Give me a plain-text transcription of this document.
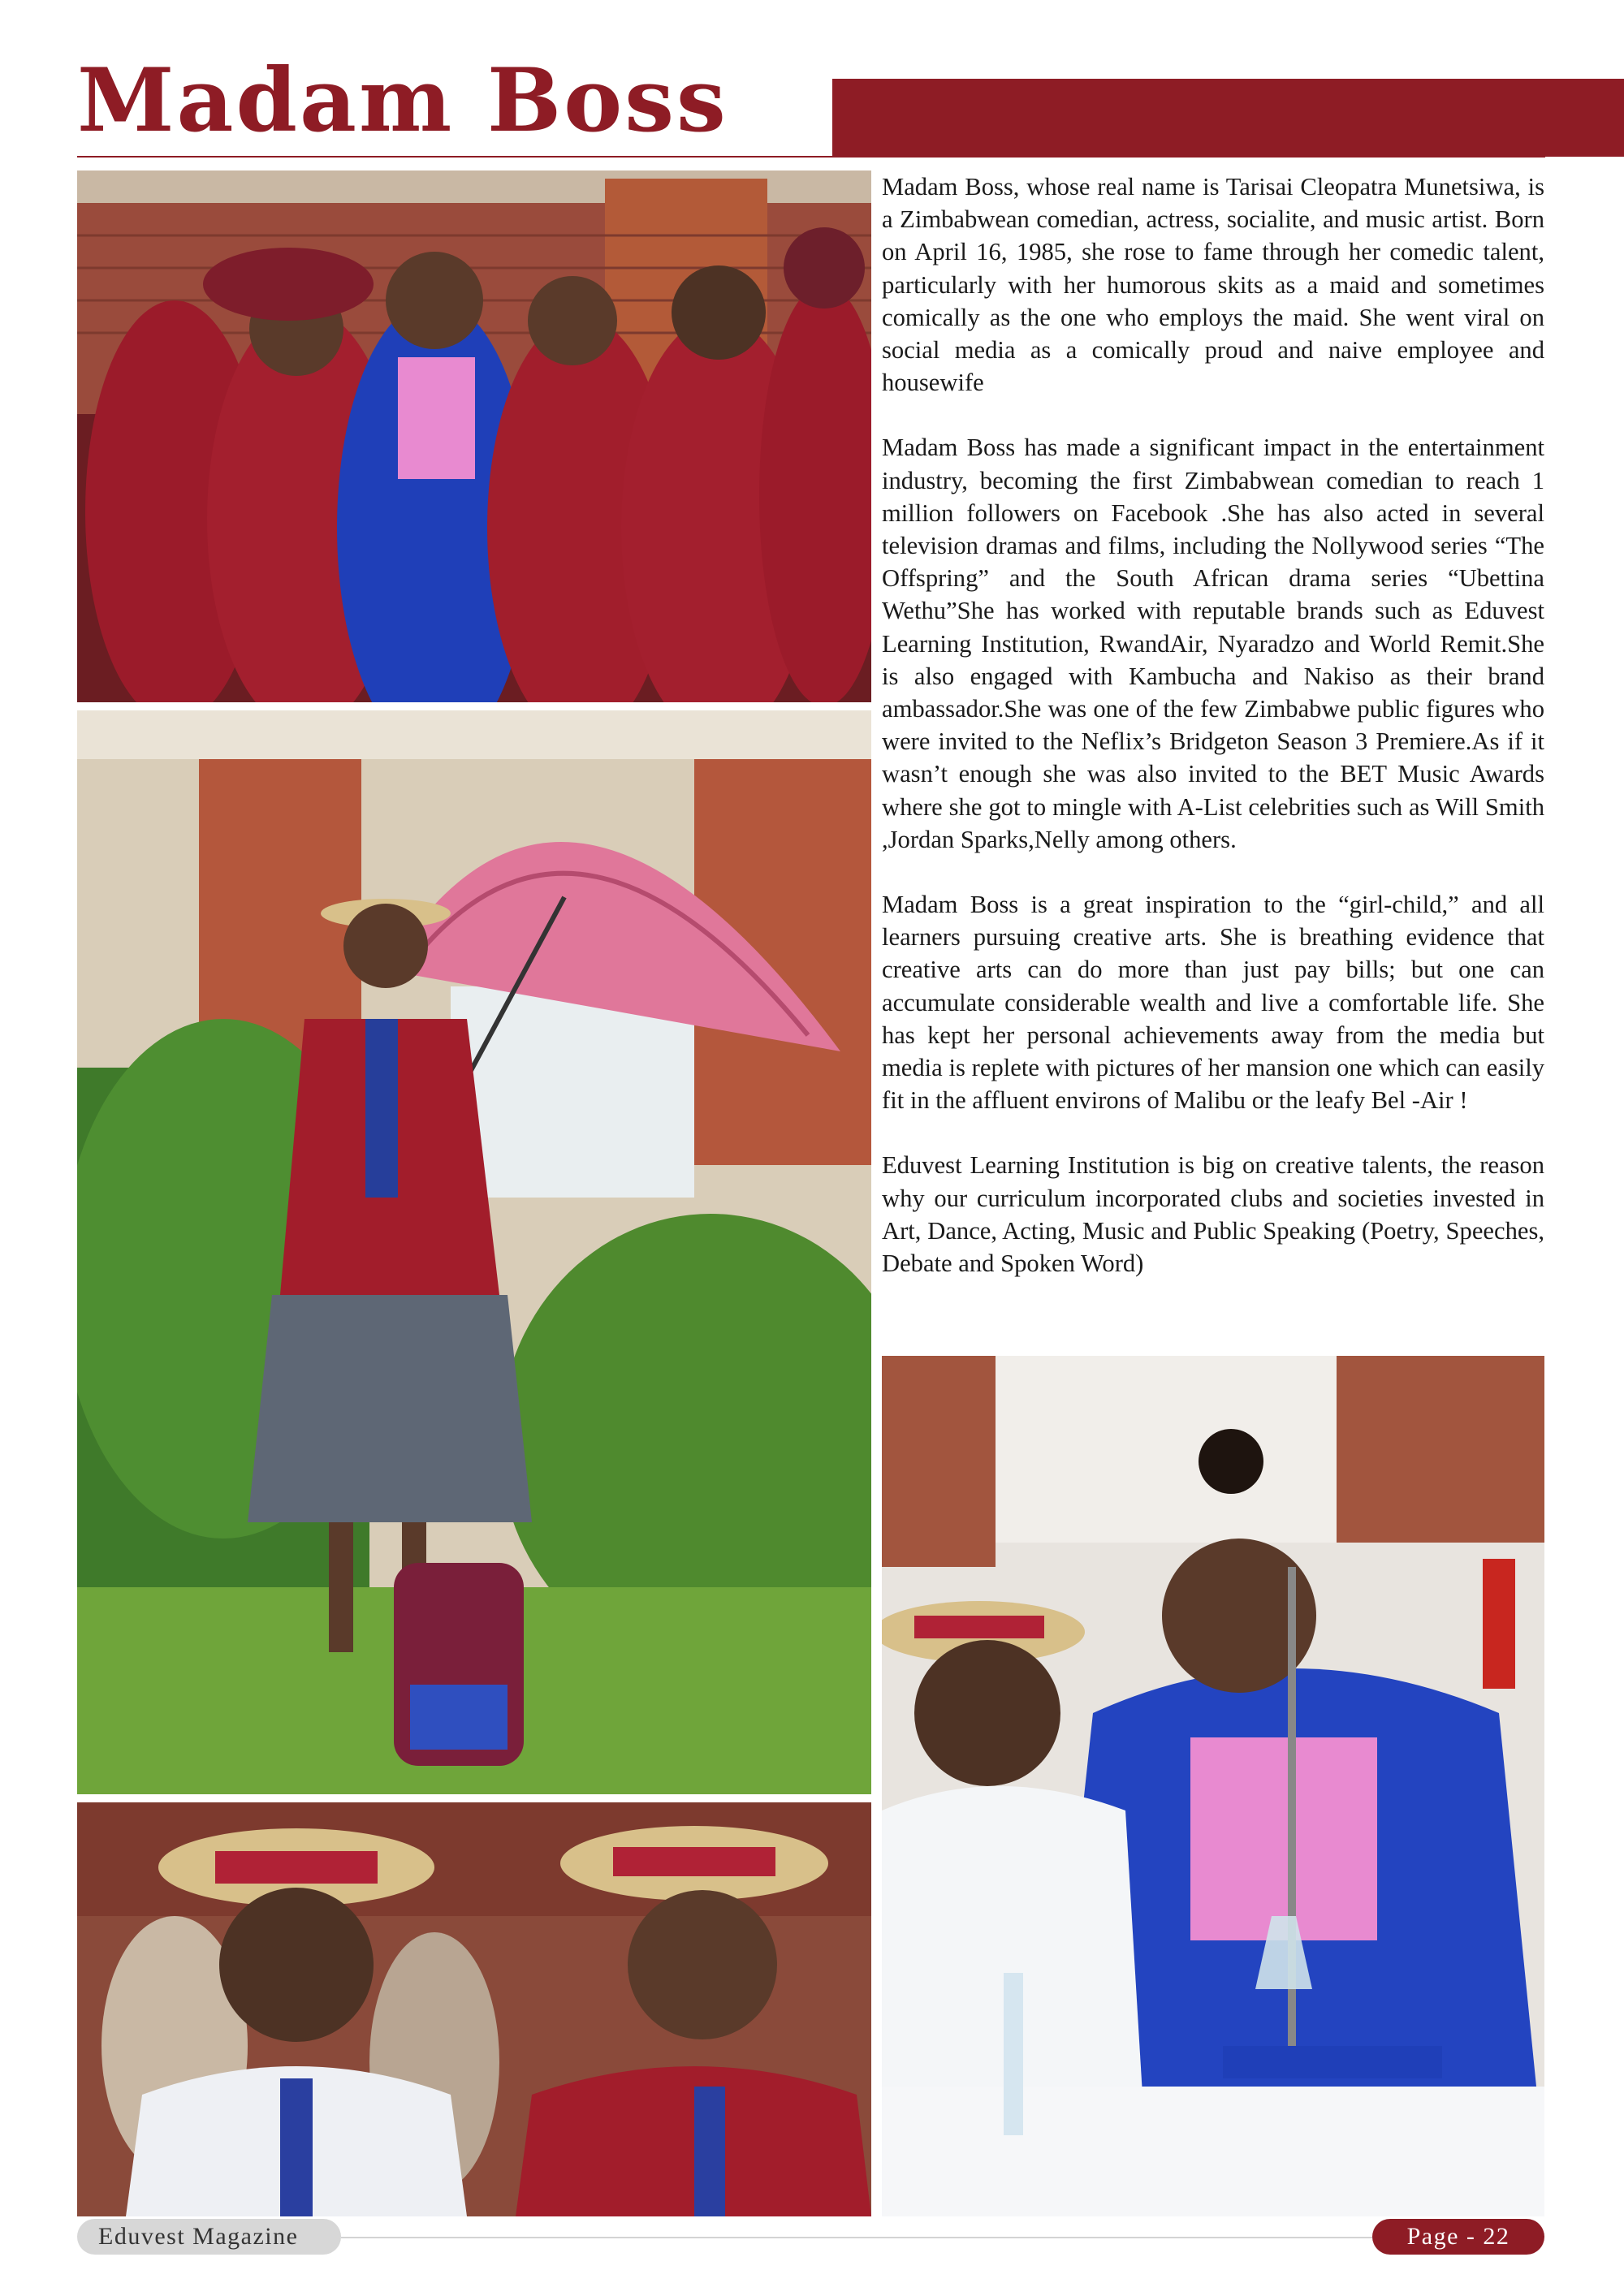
Madam Boss

Madam Boss, whose real name is Tarisai Cleopatra Munetsiwa, is a Zimbabwean comedian, actress, socialite, and music artist. Born on April 16, 1985, she rose to fame through her comedic talent, particularly with her humorous skits as a maid and sometimes comically as the one who employs the maid. She went viral on social media as a comically proud and naive employee and housewife

Madam Boss has made a significant impact in the entertainment industry, becoming the first Zimbabwean comedian to reach 1 million followers on Facebook .She has also acted in several television dramas and films, including the Nollywood series “The Offspring” and the South African drama series “Ubettina Wethu”She has worked with reputable brands such as Eduvest Learning Institution, RwandAir, Nyaradzo and World Remit.She is also engaged with Kambucha and Nakiso as their brand ambassador.She was one of the few Zimbabwe public figures who were invited to the Neflix’s Bridgeton Season 3 Premiere.As if it wasn’t enough she was also invited to the BET Music Awards where she got to mingle with A-List celebrities such as Will Smith ,Jordan Sparks,Nelly among others.

Madam Boss is a great inspiration to the “girl-child,” and all learners pursuing creative arts. She is breathing evidence that creative arts can do more than just pay bills; but one can accumulate considerable wealth and live a comfortable life. She has kept her personal achievements away from the media but media is replete with pictures of her mansion one which can easily fit in the affluent environs of Malibu or the leafy Bel -Air !

Eduvest Learning Institution is big on creative talents, the reason why our curriculum incorporated clubs and societies invested in Art, Dance, Acting, Music and Public Speaking (Poetry, Speeches, Debate and Spoken Word)

Eduvest Magazine	Page - 22
